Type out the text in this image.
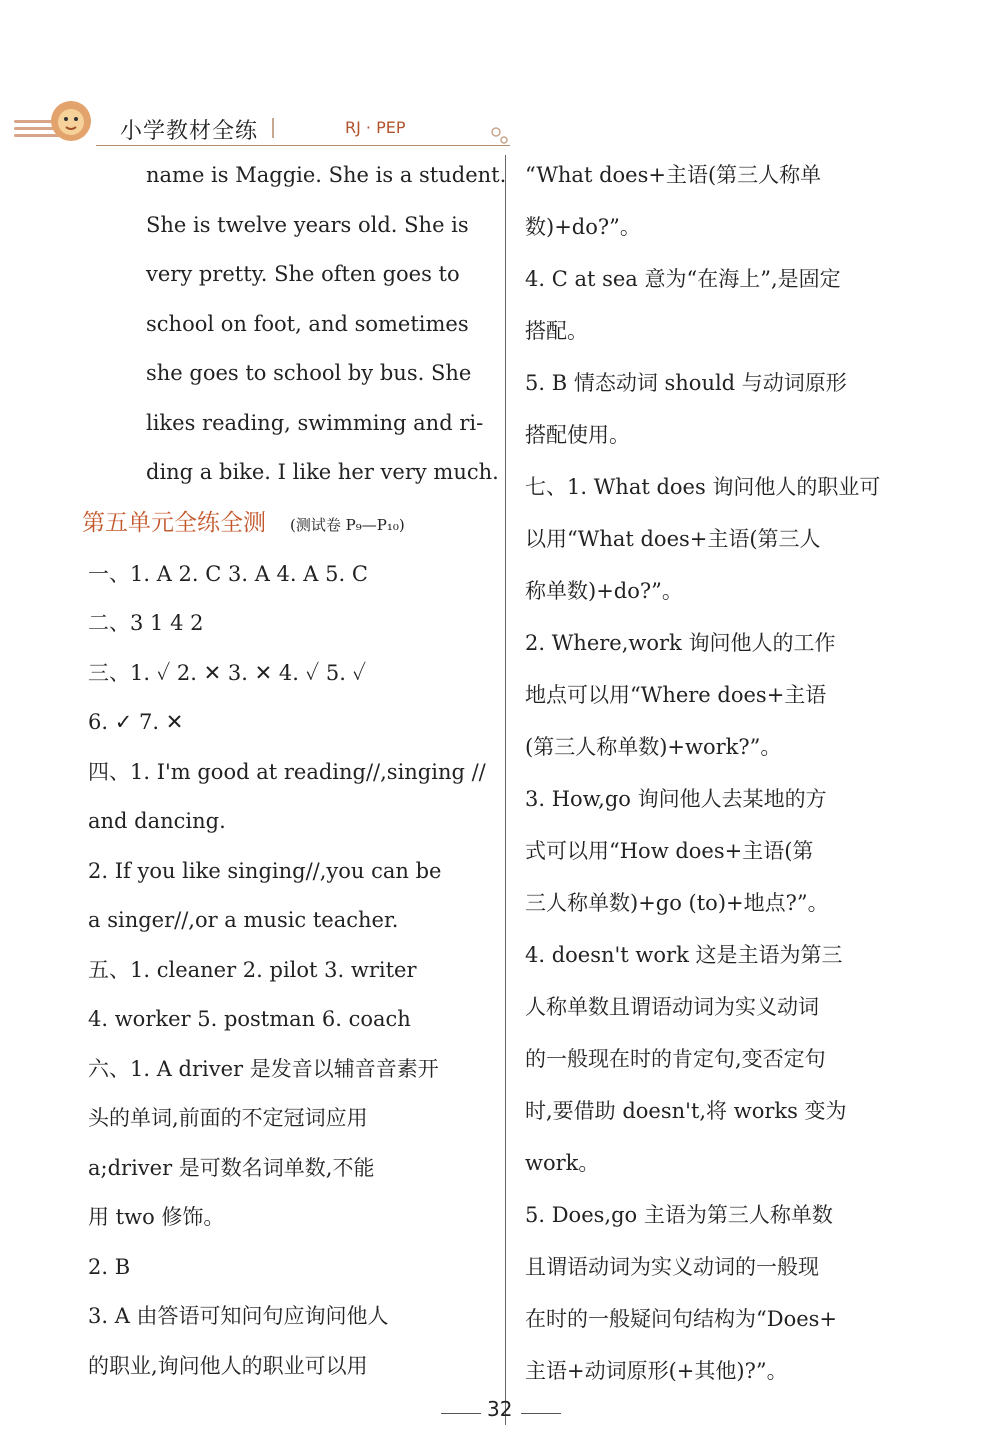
小学教材全练	RJ · PEP
name is Maggie. She is a student.
She is twelve years old. She is
very pretty. She often goes to
school on foot, and sometimes
she goes to school by bus. She
likes reading, swimming and ri-
ding a bike. I like her very much.
第五单元全练全测 (测试卷 P₉—P₁₀)
一、1. A 2. C 3. A 4. A 5. C
二、3 1 4 2
三、1. ✓ 2. ✕ 3. ✕ 4. ✓ 5. ✓
6. ✓ 7. ✕
四、1. I'm good at reading//,singing //
and dancing.
2. If you like singing//,you can be
a singer//,or a music teacher.
五、1. cleaner 2. pilot 3. writer
4. worker 5. postman 6. coach
六、1. A driver 是发音以辅音音素开
头的单词,前面的不定冠词应用
a;driver 是可数名词单数,不能
用 two 修饰。
2. B
3. A 由答语可知问句应询问他人
的职业,询问他人的职业可以用
“What does+主语(第三人称单
数)+do?”。
4. C at sea 意为“在海上”,是固定
搭配。
5. B 情态动词 should 与动词原形
搭配使用。
七、1. What does 询问他人的职业可
以用“What does+主语(第三人
称单数)+do?”。
2. Where,work 询问他人的工作
地点可以用“Where does+主语
(第三人称单数)+work?”。
3. How,go 询问他人去某地的方
式可以用“How does+主语(第
三人称单数)+go (to)+地点?”。
4. doesn't work 这是主语为第三
人称单数且谓语动词为实义动词
的一般现在时的肯定句,变否定句
时,要借助 doesn't,将 works 变为
work。
5. Does,go 主语为第三人称单数
且谓语动词为实义动词的一般现
在时的一般疑问句结构为“Does+
主语+动词原形(+其他)?”。
32
